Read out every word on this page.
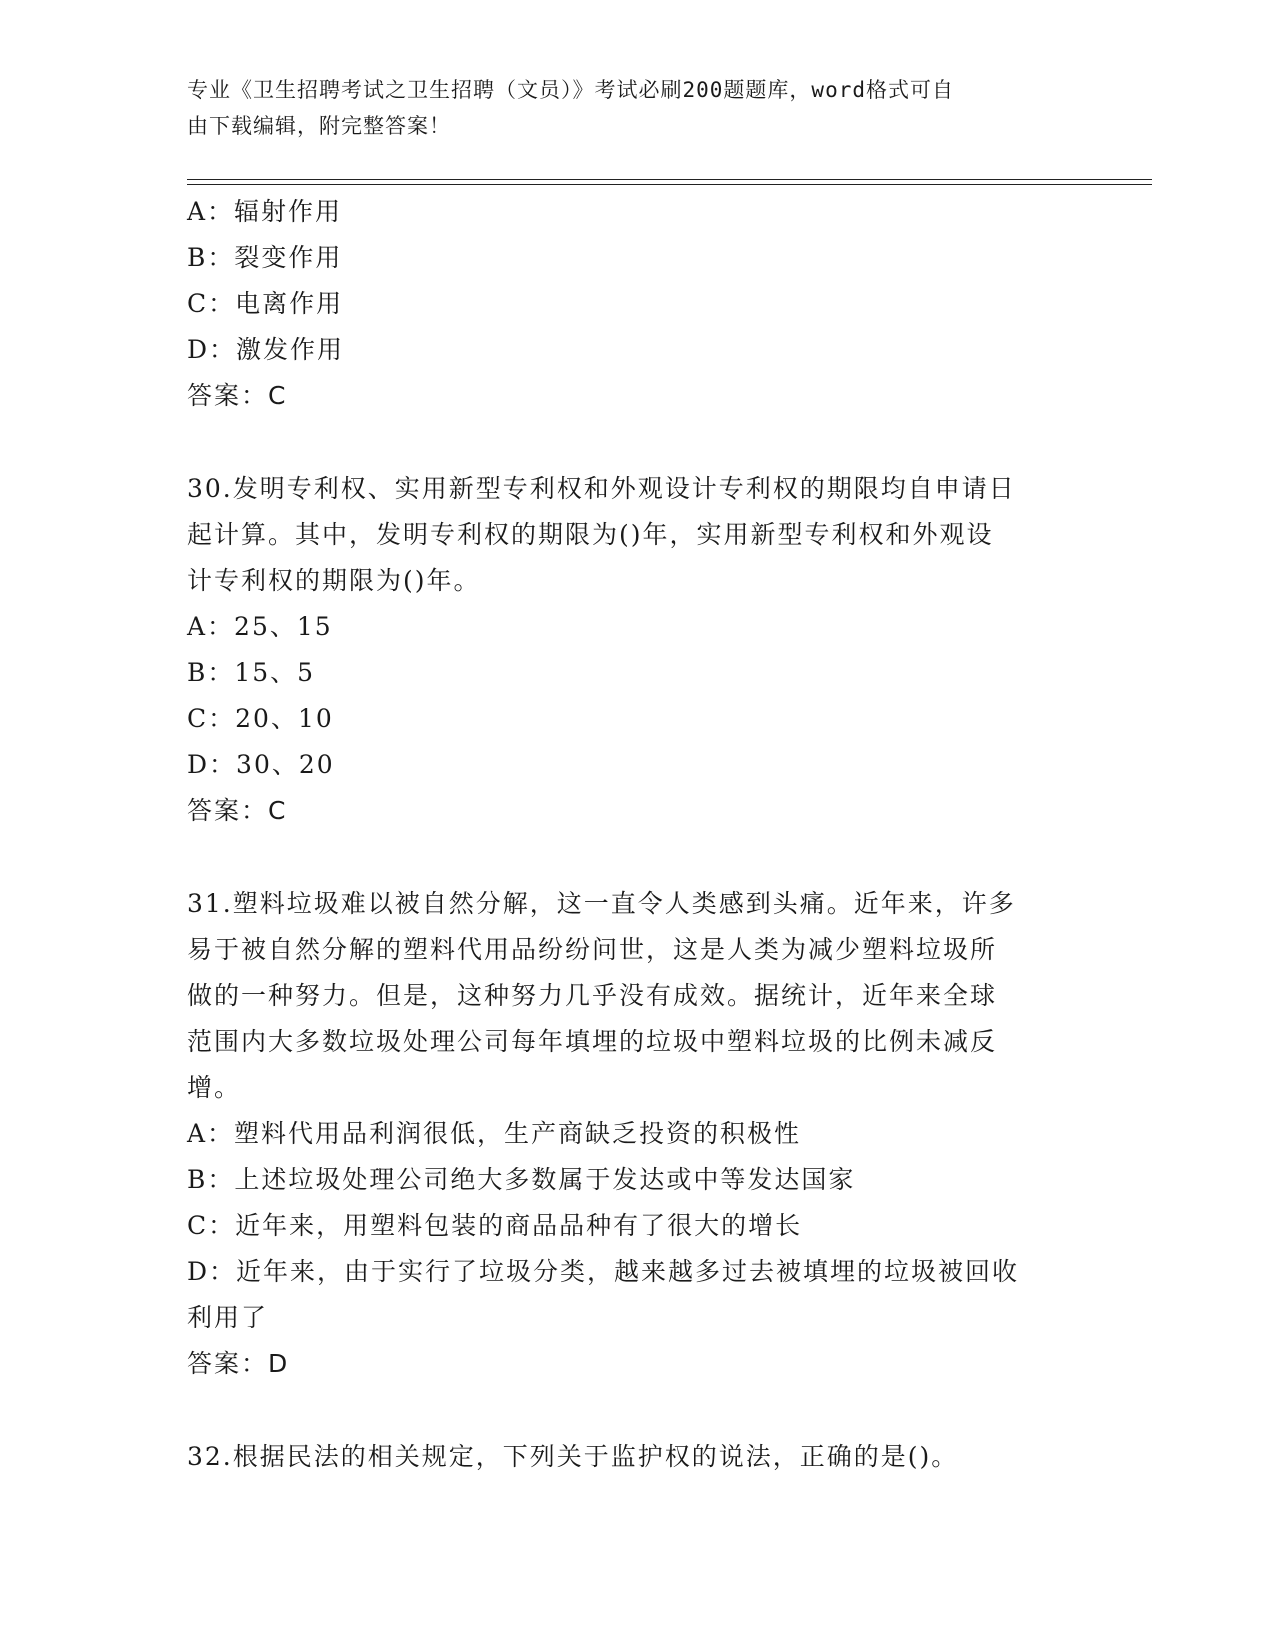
专业《卫生招聘考试之卫生招聘（文员）》考试必刷200题题库，word格式可自
由下载编辑，附完整答案！
A：辐射作用
B：裂变作用
C：电离作用
D：激发作用
答案：C
30.发明专利权、实用新型专利权和外观设计专利权的期限均自申请日
起计算。其中，发明专利权的期限为()年，实用新型专利权和外观设
计专利权的期限为()年。
A：25、15
B：15、5
C：20、10
D：30、20
答案：C
31.塑料垃圾难以被自然分解，这一直令人类感到头痛。近年来，许多
易于被自然分解的塑料代用品纷纷问世，这是人类为减少塑料垃圾所
做的一种努力。但是，这种努力几乎没有成效。据统计，近年来全球
范围内大多数垃圾处理公司每年填埋的垃圾中塑料垃圾的比例未减反
增。
A：塑料代用品利润很低，生产商缺乏投资的积极性
B：上述垃圾处理公司绝大多数属于发达或中等发达国家
C：近年来，用塑料包装的商品品种有了很大的增长
D：近年来，由于实行了垃圾分类，越来越多过去被填埋的垃圾被回收
利用了
答案：D
32.根据民法的相关规定，下列关于监护权的说法，正确的是()。
